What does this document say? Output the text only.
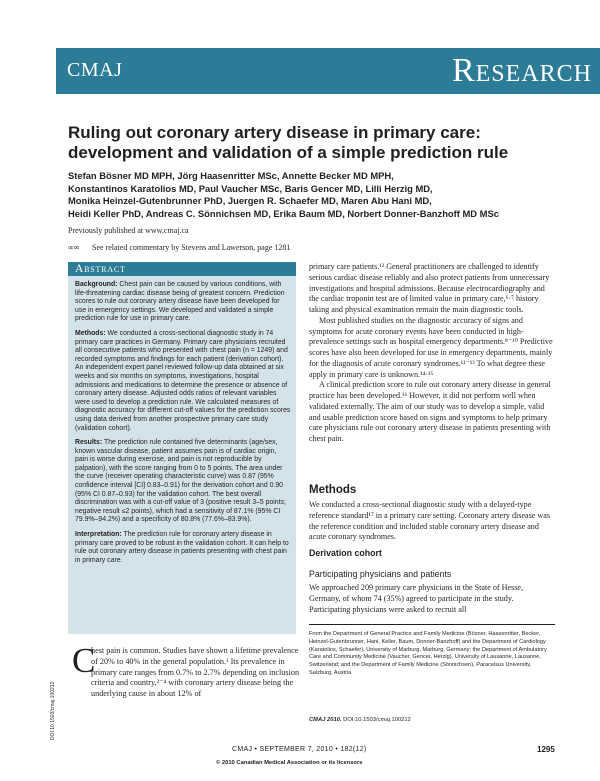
CMAJ	Research
Ruling out coronary artery disease in primary care: development and validation of a simple prediction rule
Stefan Bösner MD MPH, Jörg Haasenritter MSc, Annette Becker MD MPH,
Konstantinos Karatolios MD, Paul Vaucher MSc, Baris Gencer MD, Lilli Herzig MD,
Monika Heinzel-Gutenbrunner PhD, Juergen R. Schaefer MD, Maren Abu Hani MD,
Heidi Keller PhD, Andreas C. Sönnichsen MD, Erika Baum MD, Norbert Donner-Banzhoff MD MSc
Previously published at www.cmaj.ca
∞∞ See related commentary by Stevens and Lawerson, page 1281
Abstract

Background: Chest pain can be caused by various conditions, with life-threatening cardiac disease being of greatest concern. Prediction scores to rule out coronary artery disease have been developed for use in emergency settings. We developed and validated a simple prediction rule for use in primary care.

Methods: We conducted a cross-sectional diagnostic study in 74 primary care practices in Germany. Primary care physicians recruited all consecutive patients who presented with chest pain (n = 1249) and recorded symptoms and findings for each patient (derivation cohort). An independent expert panel reviewed follow-up data obtained at six weeks and six months on symptoms, investigations, hospital admissions and medications to determine the presence or absence of coronary artery disease. Adjusted odds ratios of relevant variables were used to develop a prediction rule. We calculated measures of diagnostic accuracy for different cut-off values for the prediction scores using data derived from another prospective primary care study (validation cohort).

Results: The prediction rule contained five determinants (age/sex, known vascular disease, patient assumes pain is of cardiac origin, pain is worse during exercise, and pain is not reproducible by palpation), with the score ranging from 0 to 5 points. The area under the curve (receiver operating characteristic curve) was 0.87 (95% confidence interval [CI] 0.83–0.91) for the derivation cohort and 0.90 (95% CI 0.87–0.93) for the validation cohort. The best overall discrimination was with a cut-off value of 3 (positive result 3–5 points; negative result ≤2 points), which had a sensitivity of 87.1% (95% CI 79.9%–94.2%) and a specificity of 80.8% (77.6%–83.9%).

Interpretation: The prediction rule for coronary artery disease in primary care proved to be robust in the validation cohort. It can help to rule out coronary artery disease in patients presenting with chest pain in primary care.

DOI:10.1503/cmaj.100212
C
hest pain is common. Studies have shown a lifetime prevalence of 20% to 40% in the general population.¹ Its prevalence in primary care ranges from 0.7% to 2.7% depending on inclusion criteria and country,²⁻⁴ with coronary artery disease being the underlying cause in about 12% of

primary care patients.¹² General practitioners are challenged to identify serious cardiac disease reliably and also protect patients from unnecessary investigations and hospital admissions. Because electrocardiography and the cardiac troponin test are of limited value in primary care,⁶·⁷ history taking and physical examination remain the main diagnostic tools.

Most published studies on the diagnostic accuracy of signs and symptoms for acute coronary events have been conducted in high-prevalence settings such as hospital emergency departments.⁸⁻¹⁰ Predictive scores have also been developed for use in emergency departments, mainly for the diagnosis of acute coronary syndromes.¹¹⁻¹³ To what degree these apply in primary care is unknown.¹⁴·¹⁵

A clinical prediction score to rule out coronary artery disease in general practice has been developed.¹⁶ However, it did not perform well when validated externally. The aim of our study was to develop a simple, valid and usable prediction score based on signs and symptoms to help primary care physicians rule out coronary artery disease in patients presenting with chest pain.

Methods

We conducted a cross-sectional diagnostic study with a delayed-type reference standard¹⁷ in a primary care setting. Coronary artery disease was the reference condition and included stable coronary artery disease and acute coronary syndromes.

Derivation cohort
Participating physicians and patients

We approached 209 primary care physicians in the State of Hesse, Germany, of whom 74 (35%) agreed to participate in the study. Participating physicians were asked to recruit all

From the Department of General Practice and Family Medicine (Bösner, Haasenritter, Becker, Heinzel-Gutenbrunner, Hani, Keller, Baum, Donner-Banzhoff) and the Department of Cardiology (Karatolios, Schaefer), University of Marburg, Marburg, Germany; the Department of Ambulatory Care and Community Medicine (Vaucher, Gencer, Herzig), University of Lausanne, Lausanne, Switzerland; and the Department of Family Medicine (Sönnichsen), Paracelsus University, Salzburg, Austria
CMAJ 2010. DOI:10.1503/cmaj.100212
CMAJ • SEPTEMBER 7, 2010 • 182(12)	1295
© 2010 Canadian Medical Association or its licensors
